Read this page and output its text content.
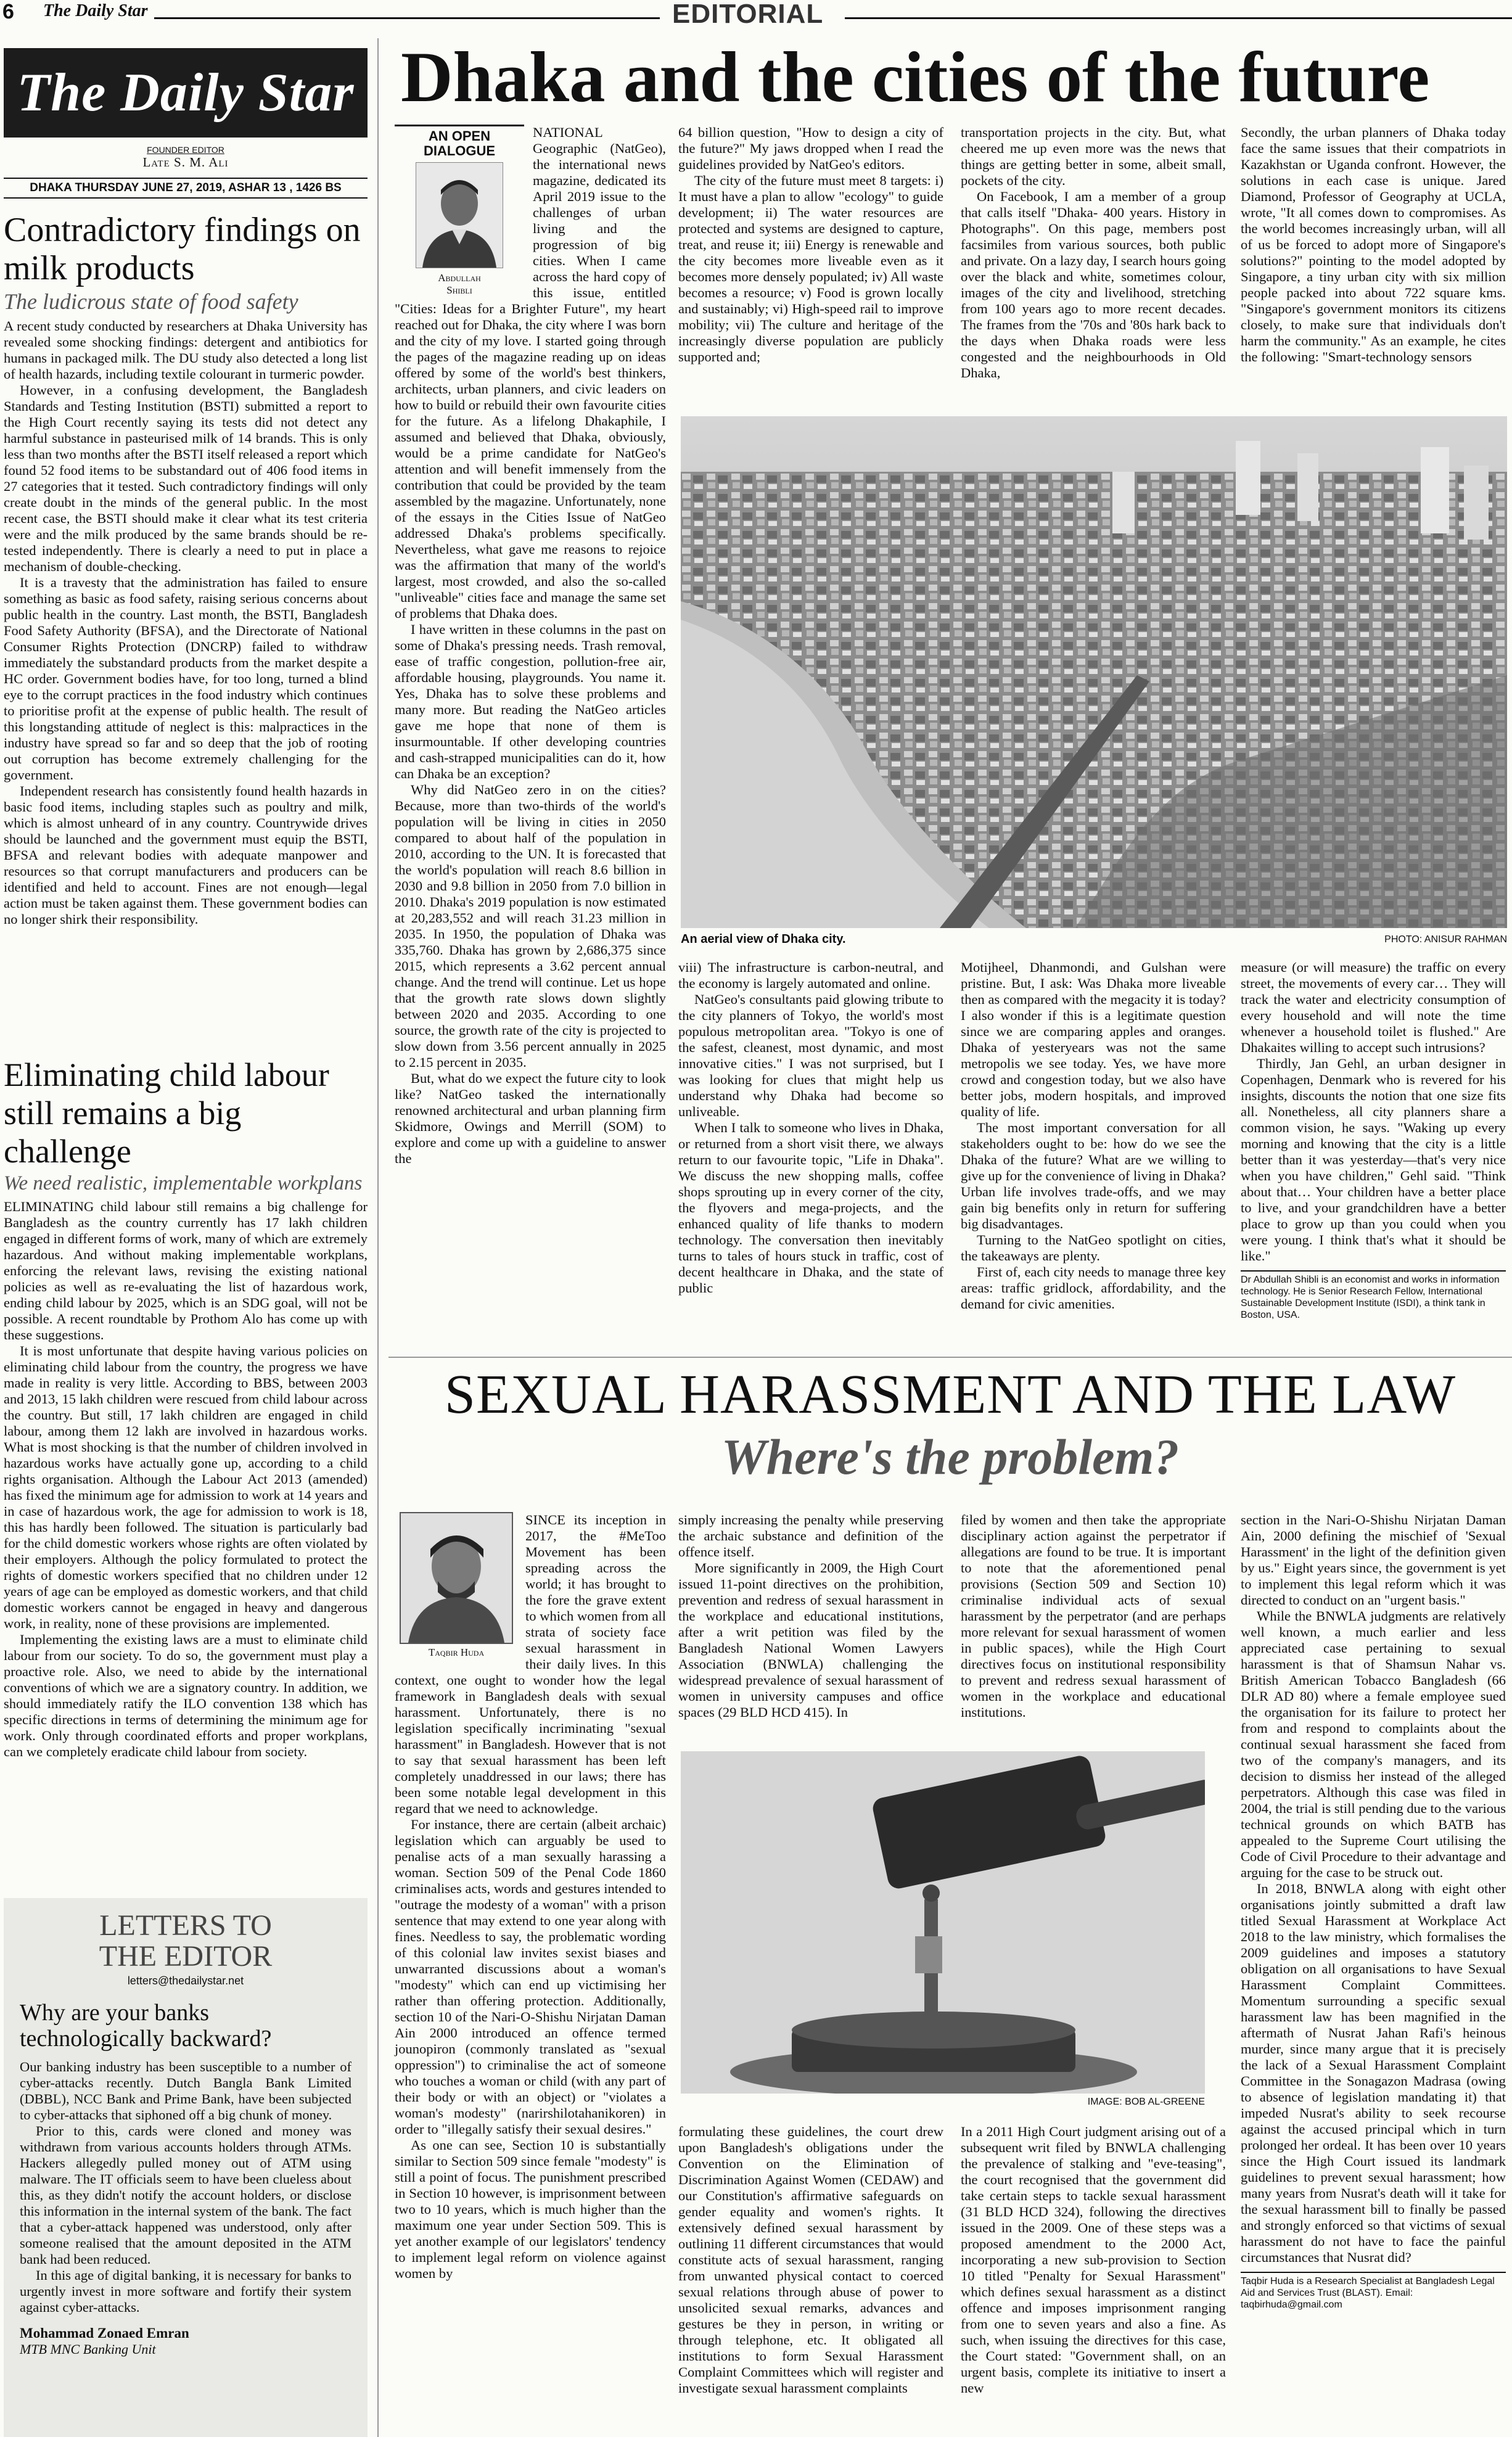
6 The Daily Star	EDITORIAL
The Daily Star
FOUNDER EDITOR
Late S. M. Ali
DHAKA THURSDAY JUNE 27, 2019, ASHAR 13 , 1426 BS
Contradictory findings on milk products
The ludicrous state of food safety

A recent study conducted by researchers at Dhaka University has revealed some shocking findings: detergent and antibiotics for humans in packaged milk. The DU study also detected a long list of health hazards, including textile colourant in turmeric powder.

However, in a confusing development, the Bangladesh Standards and Testing Institution (BSTI) submitted a report to the High Court recently saying its tests did not detect any harmful substance in pasteurised milk of 14 brands. This is only less than two months after the BSTI itself released a report which found 52 food items to be substandard out of 406 food items in 27 categories that it tested. Such contradictory findings will only create doubt in the minds of the general public. In the most recent case, the BSTI should make it clear what its test criteria were and the milk produced by the same brands should be re-tested independently. There is clearly a need to put in place a mechanism of double-checking.

It is a travesty that the administration has failed to ensure something as basic as food safety, raising serious concerns about public health in the country. Last month, the BSTI, Bangladesh Food Safety Authority (BFSA), and the Directorate of National Consumer Rights Protection (DNCRP) failed to withdraw immediately the substandard products from the market despite a HC order. Government bodies have, for too long, turned a blind eye to the corrupt practices in the food industry which continues to prioritise profit at the expense of public health. The result of this longstanding attitude of neglect is this: malpractices in the industry have spread so far and so deep that the job of rooting out corruption has become extremely challenging for the government.

Independent research has consistently found health hazards in basic food items, including staples such as poultry and milk, which is almost unheard of in any country. Countrywide drives should be launched and the government must equip the BSTI, BFSA and relevant bodies with adequate manpower and resources so that corrupt manufacturers and producers can be identified and held to account. Fines are not enough—legal action must be taken against them. These government bodies can no longer shirk their responsibility.

Eliminating child labour still remains a big challenge
We need realistic, implementable workplans

ELIMINATING child labour still remains a big challenge for Bangladesh as the country currently has 17 lakh children engaged in different forms of work, many of which are extremely hazardous. And without making implementable workplans, enforcing the relevant laws, revising the existing national policies as well as re-evaluating the list of hazardous work, ending child labour by 2025, which is an SDG goal, will not be possible. A recent roundtable by Prothom Alo has come up with these suggestions.

It is most unfortunate that despite having various policies on eliminating child labour from the country, the progress we have made in reality is very little. According to BBS, between 2003 and 2013, 15 lakh children were rescued from child labour across the country. But still, 17 lakh children are engaged in child labour, among them 12 lakh are involved in hazardous works. What is most shocking is that the number of children involved in hazardous works have actually gone up, according to a child rights organisation. Although the Labour Act 2013 (amended) has fixed the minimum age for admission to work at 14 years and in case of hazardous work, the age for admission to work is 18, this has hardly been followed. The situation is particularly bad for the child domestic workers whose rights are often violated by their employers. Although the policy formulated to protect the rights of domestic workers specified that no children under 12 years of age can be employed as domestic workers, and that child domestic workers cannot be engaged in heavy and dangerous work, in reality, none of these provisions are implemented.

Implementing the existing laws are a must to eliminate child labour from our society. To do so, the government must play a proactive role. Also, we need to abide by the international conventions of which we are a signatory country. In addition, we should immediately ratify the ILO convention 138 which has specific directions in terms of determining the minimum age for work. Only through coordinated efforts and proper workplans, can we completely eradicate child labour from society.

LETTERS TO THE EDITOR
letters@thedailystar.net
Why are your banks technologically backward?

Our banking industry has been susceptible to a number of cyber-attacks recently. Dutch Bangla Bank Limited (DBBL), NCC Bank and Prime Bank, have been subjected to cyber-attacks that siphoned off a big chunk of money.

Prior to this, cards were cloned and money was withdrawn from various accounts holders through ATMs. Hackers allegedly pulled money out of ATM using malware. The IT officials seem to have been clueless about this, as they didn't notify the account holders, or disclose this information in the internal system of the bank. The fact that a cyber-attack happened was understood, only after someone realised that the amount deposited in the ATM bank had been reduced.

In this age of digital banking, it is necessary for banks to urgently invest in more software and fortify their system against cyber-attacks.

Mohammad Zonaed Emran
MTB MNC Banking Unit
Dhaka and the cities of the future
AN OPEN DIALOGUE
Abdullah Shibli

NATIONAL Geographic (NatGeo), the international news magazine, dedicated its April 2019 issue to the challenges of urban living and the progression of big cities. When I came across the hard copy of this issue, entitled "Cities: Ideas for a Brighter Future", my heart reached out for Dhaka, the city where I was born and the city of my love. I started going through the pages of the magazine reading up on ideas offered by some of the world's best thinkers, architects, urban planners, and civic leaders on how to build or rebuild their own favourite cities for the future. As a lifelong Dhakaphile, I assumed and believed that Dhaka, obviously, would be a prime candidate for NatGeo's attention and will benefit immensely from the contribution that could be provided by the team assembled by the magazine. Unfortunately, none of the essays in the Cities Issue of NatGeo addressed Dhaka's problems specifically. Nevertheless, what gave me reasons to rejoice was the affirmation that many of the world's largest, most crowded, and also the so-called "unliveable" cities face and manage the same set of problems that Dhaka does.

I have written in these columns in the past on some of Dhaka's pressing needs. Trash removal, ease of traffic congestion, pollution-free air, affordable housing, playgrounds. You name it. Yes, Dhaka has to solve these problems and many more. But reading the NatGeo articles gave me hope that none of them is insurmountable. If other developing countries and cash-strapped municipalities can do it, how can Dhaka be an exception?

Why did NatGeo zero in on the cities? Because, more than two-thirds of the world's population will be living in cities in 2050 compared to about half of the population in 2010, according to the UN. It is forecasted that the world's population will reach 8.6 billion in 2030 and 9.8 billion in 2050 from 7.0 billion in 2010. Dhaka's 2019 population is now estimated at 20,283,552 and will reach 31.23 million in 2035. In 1950, the population of Dhaka was 335,760. Dhaka has grown by 2,686,375 since 2015, which represents a 3.62 percent annual change. And the trend will continue. Let us hope that the growth rate slows down slightly between 2020 and 2035. According to one source, the growth rate of the city is projected to slow down from 3.56 percent annually in 2025 to 2.15 percent in 2035.

But, what do we expect the future city to look like? NatGeo tasked the internationally renowned architectural and urban planning firm Skidmore, Owings and Merrill (SOM) to explore and come up with a guideline to answer the

64 billion question, "How to design a city of the future?" My jaws dropped when I read the guidelines provided by NatGeo's editors.

The city of the future must meet 8 targets: i) It must have a plan to allow "ecology" to guide development; ii) The water resources are protected and systems are designed to capture, treat, and reuse it; iii) Energy is renewable and the city becomes more liveable even as it becomes more densely populated; iv) All waste becomes a resource; v) Food is grown locally and sustainably; vi) High-speed rail to improve mobility; vii) The culture and heritage of the increasingly diverse population are publicly supported and;

transportation projects in the city. But, what cheered me up even more was the news that things are getting better in some, albeit small, pockets of the city.

On Facebook, I am a member of a group that calls itself "Dhaka- 400 years. History in Photographs". On this page, members post facsimiles from various sources, both public and private. On a lazy day, I search hours going over the black and white, sometimes colour, images of the city and livelihood, stretching from 100 years ago to more recent decades. The frames from the '70s and '80s hark back to the days when Dhaka roads were less congested and the neighbourhoods in Old Dhaka,

Secondly, the urban planners of Dhaka today face the same issues that their compatriots in Kazakhstan or Uganda confront. However, the solutions in each case is unique. Jared Diamond, Professor of Geography at UCLA, wrote, "It all comes down to compromises. As the world becomes increasingly urban, will all of us be forced to adopt more of Singapore's solutions?" pointing to the model adopted by Singapore, a tiny urban city with six million people packed into about 722 square kms. "Singapore's government monitors its citizens closely, to make sure that individuals don't harm the community." As an example, he cites the following: "Smart-technology sensors

An aerial view of Dhaka city.	PHOTO: ANISUR RAHMAN

viii) The infrastructure is carbon-neutral, and the economy is largely automated and online.

NatGeo's consultants paid glowing tribute to the city planners of Tokyo, the world's most populous metropolitan area. "Tokyo is one of the safest, cleanest, most dynamic, and most innovative cities." I was not surprised, but I was looking for clues that might help us understand why Dhaka had become so unliveable.

When I talk to someone who lives in Dhaka, or returned from a short visit there, we always return to our favourite topic, "Life in Dhaka". We discuss the new shopping malls, coffee shops sprouting up in every corner of the city, the flyovers and mega-projects, and the enhanced quality of life thanks to modern technology. The conversation then inevitably turns to tales of hours stuck in traffic, cost of decent healthcare in Dhaka, and the state of public

Motijheel, Dhanmondi, and Gulshan were pristine. But, I ask: Was Dhaka more liveable then as compared with the megacity it is today? I also wonder if this is a legitimate question since we are comparing apples and oranges. Dhaka of yesteryears was not the same metropolis we see today. Yes, we have more crowd and congestion today, but we also have better jobs, modern hospitals, and improved quality of life.

The most important conversation for all stakeholders ought to be: how do we see the Dhaka of the future? What are we willing to give up for the convenience of living in Dhaka? Urban life involves trade-offs, and we may gain big benefits only in return for suffering big disadvantages.

Turning to the NatGeo spotlight on cities, the takeaways are plenty.

First of, each city needs to manage three key areas: traffic gridlock, affordability, and the demand for civic amenities.

measure (or will measure) the traffic on every street, the movements of every car… They will track the water and electricity consumption of every household and will note the time whenever a household toilet is flushed." Are Dhakaites willing to accept such intrusions?

Thirdly, Jan Gehl, an urban designer in Copenhagen, Denmark who is revered for his insights, discounts the notion that one size fits all. Nonetheless, all city planners share a common vision, he says. "Waking up every morning and knowing that the city is a little better than it was yesterday—that's very nice when you have children," Gehl said. "Think about that… Your children have a better place to live, and your grandchildren have a better place to grow up than you could when you were young. I think that's what it should be like."

Dr Abdullah Shibli is an economist and works in information technology. He is Senior Research Fellow, International Sustainable Development Institute (ISDI), a think tank in Boston, USA.
SEXUAL HARASSMENT AND THE LAW
Where's the problem?
Taqbir Huda

SINCE its inception in 2017, the #MeToo Movement has been spreading across the world; it has brought to the fore the grave extent to which women from all strata of society face sexual harassment in their daily lives. In this context, one ought to wonder how the legal framework in Bangladesh deals with sexual harassment. Unfortunately, there is no legislation specifically incriminating "sexual harassment" in Bangladesh. However that is not to say that sexual harassment has been left completely unaddressed in our laws; there has been some notable legal development in this regard that we need to acknowledge.

For instance, there are certain (albeit archaic) legislation which can arguably be used to penalise acts of a man sexually harassing a woman. Section 509 of the Penal Code 1860 criminalises acts, words and gestures intended to "outrage the modesty of a woman" with a prison sentence that may extend to one year along with fines. Needless to say, the problematic wording of this colonial law invites sexist biases and unwarranted discussions about a woman's "modesty" which can end up victimising her rather than offering protection. Additionally, section 10 of the Nari-O-Shishu Nirjatan Daman Ain 2000 introduced an offence termed jounopiron (commonly translated as "sexual oppression") to criminalise the act of someone who touches a woman or child (with any part of their body or with an object) or "violates a woman's modesty" (narirshilotahanikoren) in order to "illegally satisfy their sexual desires."

As one can see, Section 10 is substantially similar to Section 509 since female "modesty" is still a point of focus. The punishment prescribed in Section 10 however, is imprisonment between two to 10 years, which is much higher than the maximum one year under Section 509. This is yet another example of our legislators' tendency to implement legal reform on violence against women by

simply increasing the penalty while preserving the archaic substance and definition of the offence itself.

More significantly in 2009, the High Court issued 11-point directives on the prohibition, prevention and redress of sexual harassment in the workplace and educational institutions, after a writ petition was filed by the Bangladesh National Women Lawyers Association (BNWLA) challenging the widespread prevalence of sexual harassment of women in university campuses and office spaces (29 BLD HCD 415). In

filed by women and then take the appropriate disciplinary action against the perpetrator if allegations are found to be true. It is important to note that the aforementioned penal provisions (Section 509 and Section 10) criminalise individual acts of sexual harassment by the perpetrator (and are perhaps more relevant for sexual harassment of women in public spaces), while the High Court directives focus on institutional responsibility to prevent and redress sexual harassment of women in the workplace and educational institutions.

IMAGE: BOB AL-GREENE

formulating these guidelines, the court drew upon Bangladesh's obligations under the Convention on the Elimination of Discrimination Against Women (CEDAW) and our Constitution's affirmative safeguards on gender equality and women's rights. It extensively defined sexual harassment by outlining 11 different circumstances that would constitute acts of sexual harassment, ranging from unwanted physical contact to coerced sexual relations through abuse of power to unsolicited sexual remarks, advances and gestures be they in person, in writing or through telephone, etc. It obligated all institutions to form Sexual Harassment Complaint Committees which will register and investigate sexual harassment complaints

In a 2011 High Court judgment arising out of a subsequent writ filed by BNWLA challenging the prevalence of stalking and "eve-teasing", the court recognised that the government did take certain steps to tackle sexual harassment (31 BLD HCD 324), following the directives issued in the 2009. One of these steps was a proposed amendment to the 2000 Act, incorporating a new sub-provision to Section 10 titled "Penalty for Sexual Harassment" which defines sexual harassment as a distinct offence and imposes imprisonment ranging from one to seven years and also a fine. As such, when issuing the directives for this case, the Court stated: "Government shall, on an urgent basis, complete its initiative to insert a new

section in the Nari-O-Shishu Nirjatan Daman Ain, 2000 defining the mischief of 'Sexual Harassment' in the light of the definition given by us." Eight years since, the government is yet to implement this legal reform which it was directed to conduct on an "urgent basis."

While the BNWLA judgments are relatively well known, a much earlier and less appreciated case pertaining to sexual harassment is that of Shamsun Nahar vs. British American Tobacco Bangladesh (66 DLR AD 80) where a female employee sued the organisation for its failure to protect her from and respond to complaints about the continual sexual harassment she faced from two of the company's managers, and its decision to dismiss her instead of the alleged perpetrators. Although this case was filed in 2004, the trial is still pending due to the various technical grounds on which BATB has appealed to the Supreme Court utilising the Code of Civil Procedure to their advantage and arguing for the case to be struck out.

In 2018, BNWLA along with eight other organisations jointly submitted a draft law titled Sexual Harassment at Workplace Act 2018 to the law ministry, which formalises the 2009 guidelines and imposes a statutory obligation on all organisations to have Sexual Harassment Complaint Committees. Momentum surrounding a specific sexual harassment law has been magnified in the aftermath of Nusrat Jahan Rafi's heinous murder, since many argue that it is precisely the lack of a Sexual Harassment Complaint Committee in the Sonagazon Madrasa (owing to absence of legislation mandating it) that impeded Nusrat's ability to seek recourse against the accused principal which in turn prolonged her ordeal. It has been over 10 years since the High Court issued its landmark guidelines to prevent sexual harassment; how many years from Nusrat's death will it take for the sexual harassment bill to finally be passed and strongly enforced so that victims of sexual harassment do not have to face the painful circumstances that Nusrat did?

Taqbir Huda is a Research Specialist at Bangladesh Legal Aid and Services Trust (BLAST). Email: taqbirhuda@gmail.com
